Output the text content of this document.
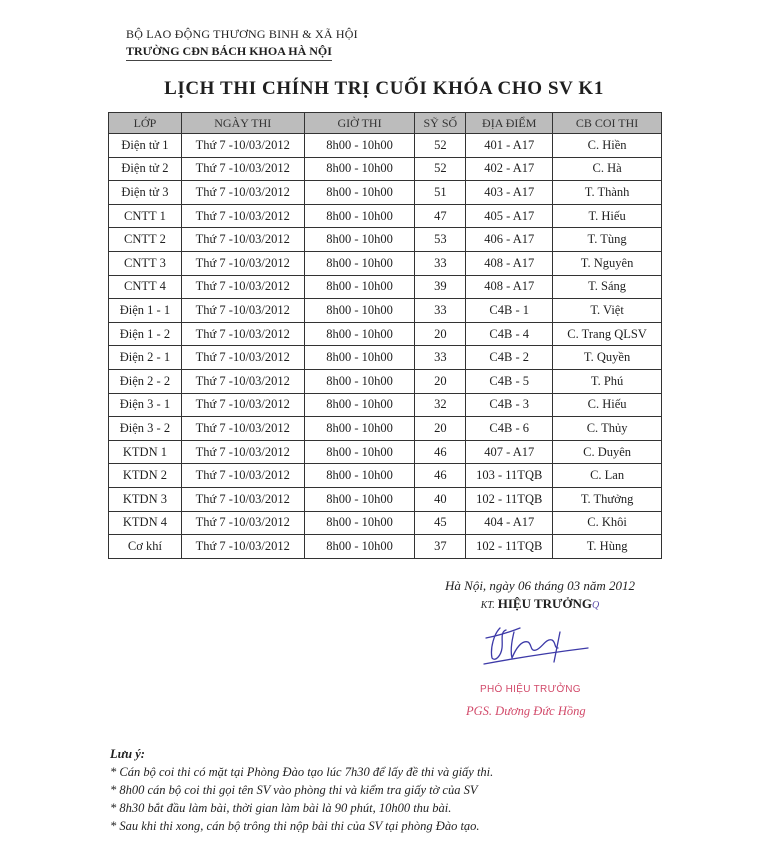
BỘ LAO ĐỘNG THƯƠNG BINH & XÃ HỘI
TRƯỜNG CĐN BÁCH KHOA HÀ NỘI
LỊCH THI CHÍNH TRỊ CUỐI KHÓA CHO SV K1
LỚP	NGÀY THI	GIỜ THI	SỸ SỐ	ĐỊA ĐIỂM	CB COI THI
Điện tử 1	Thứ 7 -10/03/2012	8h00 - 10h00	52	401 - A17	C. Hiền
Điện tử 2	Thứ 7 -10/03/2012	8h00 - 10h00	52	402 - A17	C. Hà
Điện tử 3	Thứ 7 -10/03/2012	8h00 - 10h00	51	403 - A17	T. Thành
CNTT 1	Thứ 7 -10/03/2012	8h00 - 10h00	47	405 - A17	T. Hiếu
CNTT 2	Thứ 7 -10/03/2012	8h00 - 10h00	53	406 - A17	T. Tùng
CNTT 3	Thứ 7 -10/03/2012	8h00 - 10h00	33	408 - A17	T. Nguyên
CNTT 4	Thứ 7 -10/03/2012	8h00 - 10h00	39	408 - A17	T. Sáng
Điện 1 - 1	Thứ 7 -10/03/2012	8h00 - 10h00	33	C4B - 1	T. Việt
Điện 1 - 2	Thứ 7 -10/03/2012	8h00 - 10h00	20	C4B - 4	C. Trang QLSV
Điện 2 - 1	Thứ 7 -10/03/2012	8h00 - 10h00	33	C4B - 2	T. Quyền
Điện 2 - 2	Thứ 7 -10/03/2012	8h00 - 10h00	20	C4B - 5	T. Phú
Điện 3 - 1	Thứ 7 -10/03/2012	8h00 - 10h00	32	C4B - 3	C. Hiếu
Điện 3 - 2	Thứ 7 -10/03/2012	8h00 - 10h00	20	C4B - 6	C. Thủy
KTDN 1	Thứ 7 -10/03/2012	8h00 - 10h00	46	407 - A17	C. Duyên
KTDN 2	Thứ 7 -10/03/2012	8h00 - 10h00	46	103 - 11TQB	C. Lan
KTDN 3	Thứ 7 -10/03/2012	8h00 - 10h00	40	102 - 11TQB	T. Thưởng
KTDN 4	Thứ 7 -10/03/2012	8h00 - 10h00	45	404 - A17	C. Khôi
Cơ khí	Thứ 7 -10/03/2012	8h00 - 10h00	37	102 - 11TQB	T. Hùng
Hà Nội, ngày 06 tháng 03 năm 2012
KT. HIỆU TRƯỞNGQ
PHÓ HIỆU TRƯỞNG
PGS. Dương Đức Hồng
Lưu ý:
* Cán bộ coi thi có mặt tại Phòng Đào tạo lúc 7h30 để lấy đề thi và giấy thi.
* 8h00 cán bộ coi thi gọi tên SV vào phòng thi và kiểm tra giấy tờ của SV
* 8h30 bắt đầu làm bài, thời gian làm bài là 90 phút, 10h00 thu bài.
* Sau khi thi xong, cán bộ trông thi nộp bài thi của SV tại phòng Đào tạo.
